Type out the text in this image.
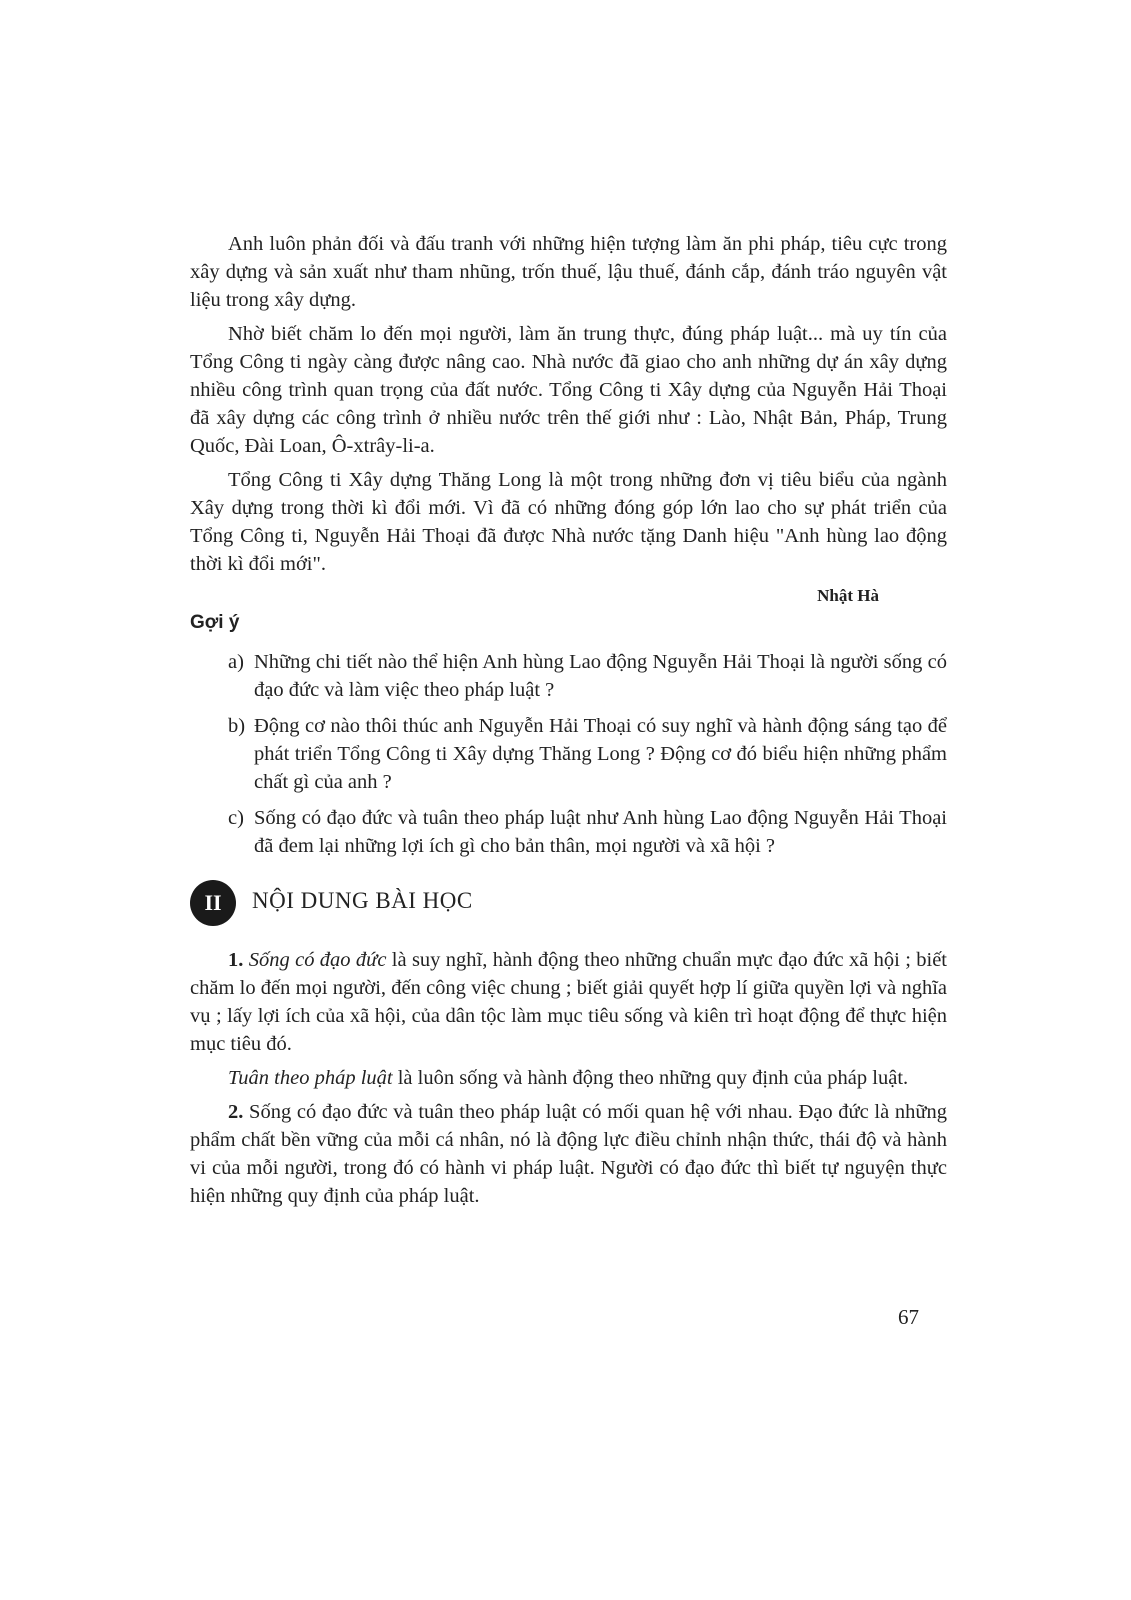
Anh luôn phản đối và đấu tranh với những hiện tượng làm ăn phi pháp, tiêu cực trong xây dựng và sản xuất như tham nhũng, trốn thuế, lậu thuế, đánh cắp, đánh tráo nguyên vật liệu trong xây dựng.

Nhờ biết chăm lo đến mọi người, làm ăn trung thực, đúng pháp luật... mà uy tín của Tổng Công ti ngày càng được nâng cao. Nhà nước đã giao cho anh những dự án xây dựng nhiều công trình quan trọng của đất nước. Tổng Công ti Xây dựng của Nguyễn Hải Thoại đã xây dựng các công trình ở nhiều nước trên thế giới như : Lào, Nhật Bản, Pháp, Trung Quốc, Đài Loan, Ô-xtrây-li-a.

Tổng Công ti Xây dựng Thăng Long là một trong những đơn vị tiêu biểu của ngành Xây dựng trong thời kì đổi mới. Vì đã có những đóng góp lớn lao cho sự phát triển của Tổng Công ti, Nguyễn Hải Thoại đã được Nhà nước tặng Danh hiệu "Anh hùng lao động thời kì đổi mới".

Nhật Hà
Gợi ý
a) Những chi tiết nào thể hiện Anh hùng Lao động Nguyễn Hải Thoại là người sống có đạo đức và làm việc theo pháp luật ?
b) Động cơ nào thôi thúc anh Nguyễn Hải Thoại có suy nghĩ và hành động sáng tạo để phát triển Tổng Công ti Xây dựng Thăng Long ? Động cơ đó biểu hiện những phẩm chất gì của anh ?
c) Sống có đạo đức và tuân theo pháp luật như Anh hùng Lao động Nguyễn Hải Thoại đã đem lại những lợi ích gì cho bản thân, mọi người và xã hội ?
II	NỘI DUNG BÀI HỌC

1. Sống có đạo đức là suy nghĩ, hành động theo những chuẩn mực đạo đức xã hội ; biết chăm lo đến mọi người, đến công việc chung ; biết giải quyết hợp lí giữa quyền lợi và nghĩa vụ ; lấy lợi ích của xã hội, của dân tộc làm mục tiêu sống và kiên trì hoạt động để thực hiện mục tiêu đó.

Tuân theo pháp luật là luôn sống và hành động theo những quy định của pháp luật.

2. Sống có đạo đức và tuân theo pháp luật có mối quan hệ với nhau. Đạo đức là những phẩm chất bền vững của mỗi cá nhân, nó là động lực điều chỉnh nhận thức, thái độ và hành vi của mỗi người, trong đó có hành vi pháp luật. Người có đạo đức thì biết tự nguyện thực hiện những quy định của pháp luật.

67
